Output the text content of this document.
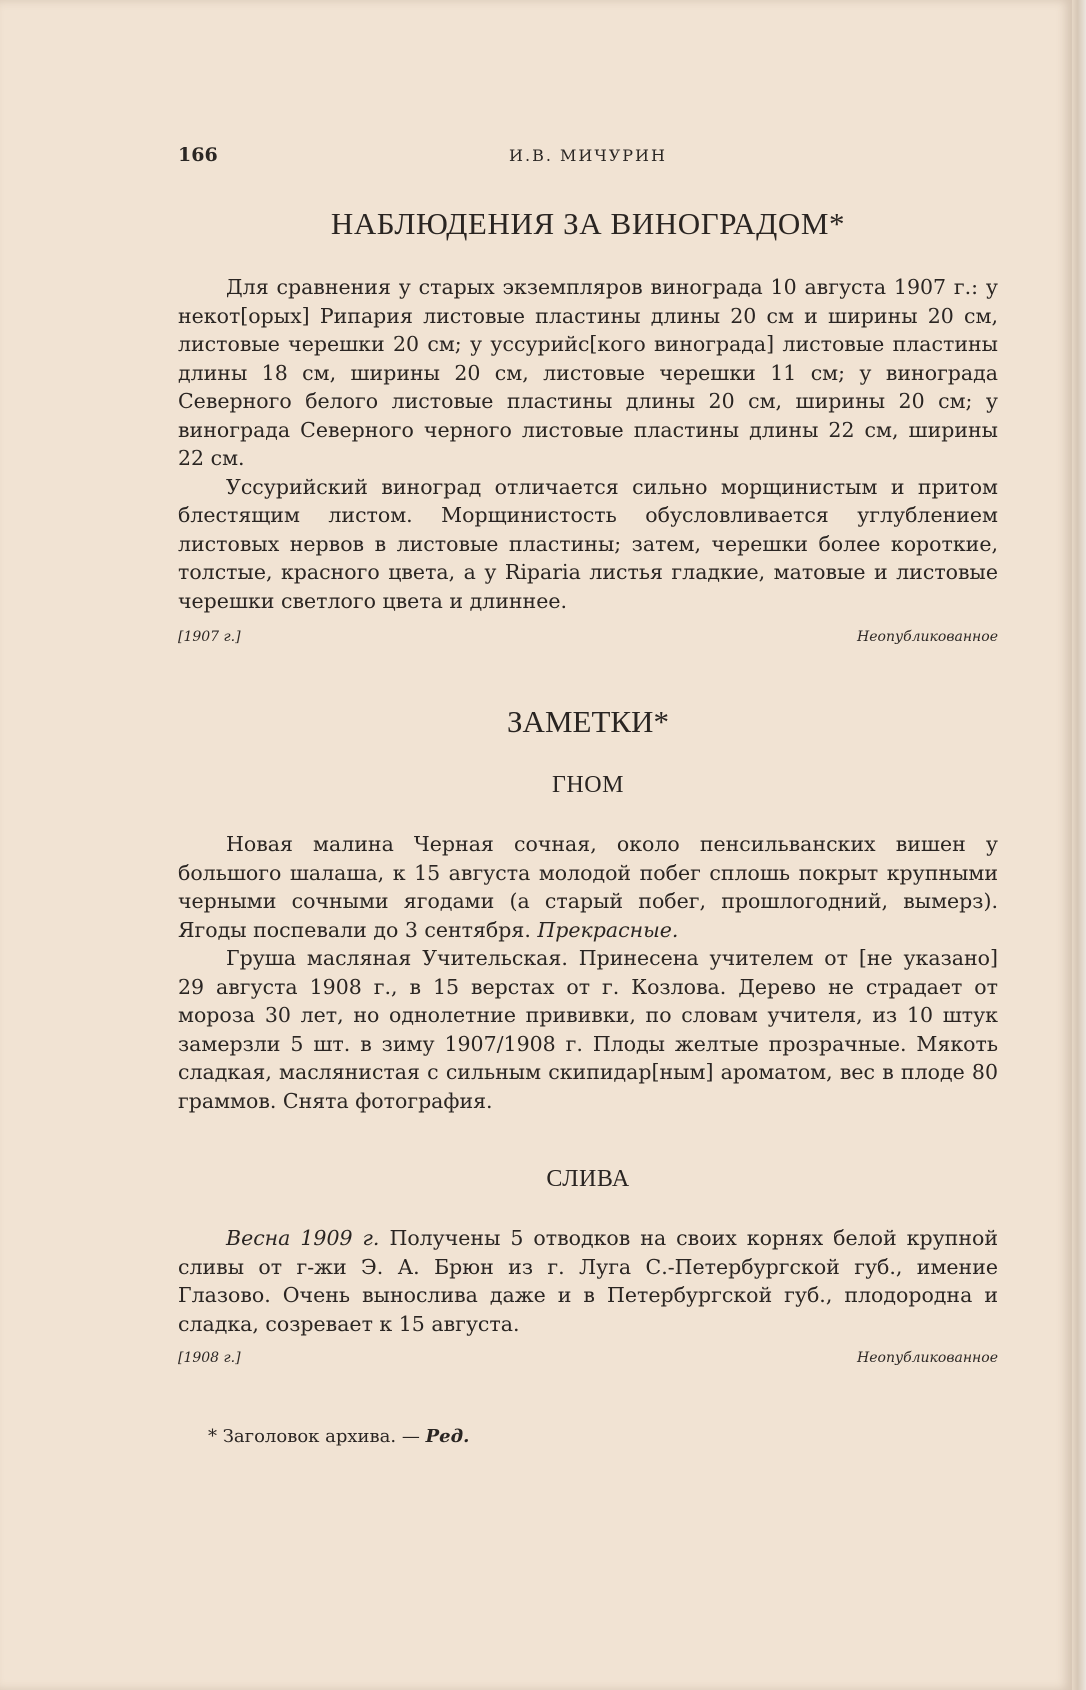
166	И.В. МИЧУРИН
НАБЛЮДЕНИЯ ЗА ВИНОГРАДОМ*

Для сравнения у старых экземпляров винограда 10 августа 1907 г.: у некот[орых] Рипария листовые пластины длины 20 см и ширины 20 см, листовые черешки 20 см; у уссурийс[кого винограда] листовые пластины длины 18 см, ширины 20 см, листовые черешки 11 см; у винограда Северного белого листовые пластины длины 20 см, ширины 20 см; у винограда Северного черного листовые пластины длины 22 см, ширины 22 см.

Уссурийский виноград отличается сильно морщинистым и притом блестящим листом. Морщинистость обусловливается углублением листовых нервов в листовые пластины; затем, черешки более короткие, толстые, красного цвета, а у Riparia листья гладкие, матовые и листовые черешки светлого цвета и длиннее.

[1907 г.]	Неопубликованное
ЗАМЕТКИ*
ГНОМ

Новая малина Черная сочная, около пенсильванских вишен у большого шалаша, к 15 августа молодой побег сплошь покрыт крупными черными сочными ягодами (а старый побег, прошлогодний, вымерз). Ягоды поспевали до 3 сентября. Прекрасные.

Груша масляная Учительская. Принесена учителем от [не указано] 29 августа 1908 г., в 15 верстах от г. Козлова. Дерево не страдает от мороза 30 лет, но однолетние прививки, по словам учителя, из 10 штук замерзли 5 шт. в зиму 1907/1908 г. Плоды желтые прозрачные. Мякоть сладкая, маслянистая с сильным скипидар[ным] ароматом, вес в плоде 80 граммов. Снята фотография.

СЛИВА

Весна 1909 г. Получены 5 отводков на своих корнях белой крупной сливы от г-жи Э. А. Брюн из г. Луга С.-Петербургской губ., имение Глазово. Очень вынослива даже и в Петербургской губ., плодородна и сладка, созревает к 15 августа.

[1908 г.]	Неопубликованное
* Заголовок архива. — Ред.
